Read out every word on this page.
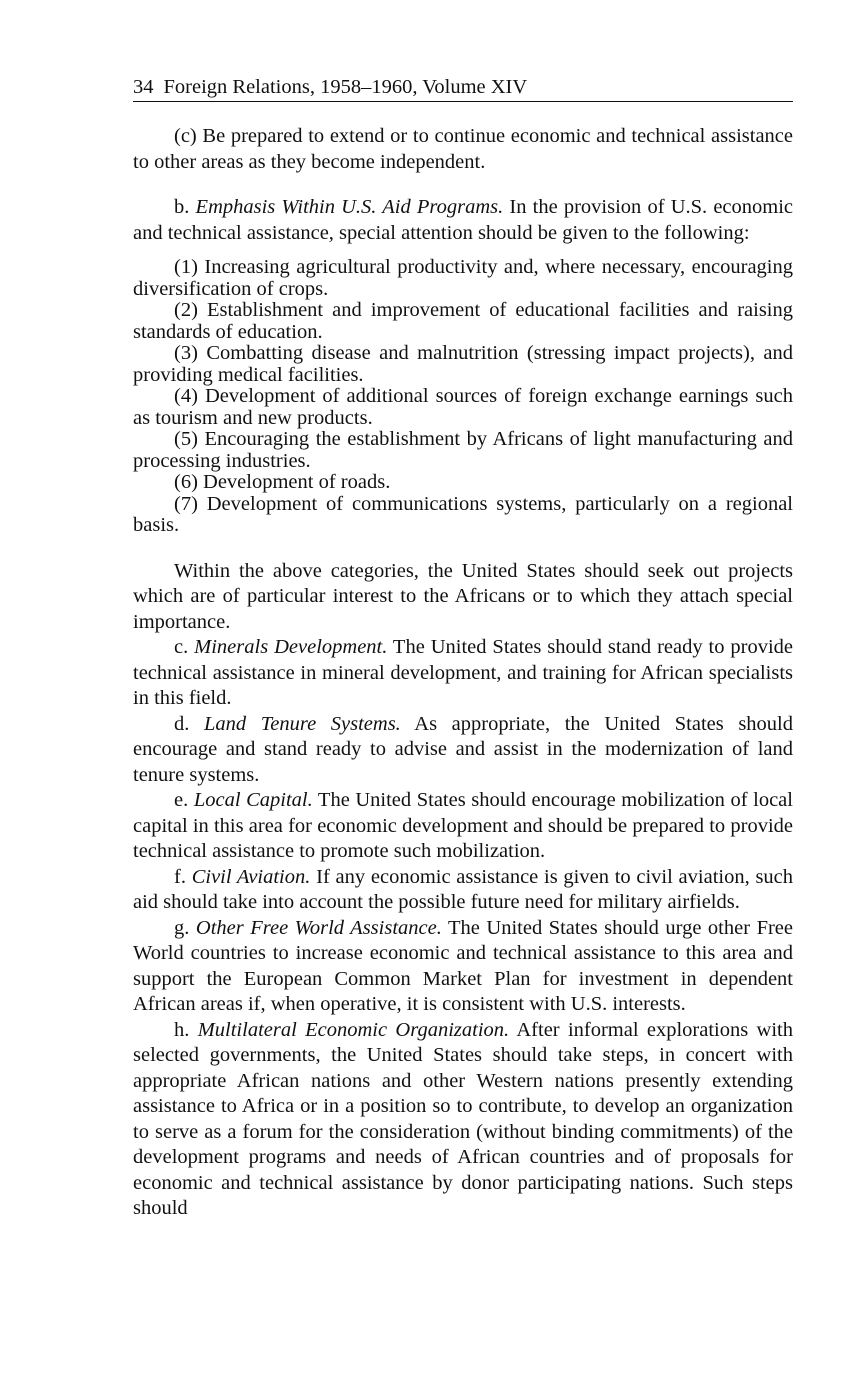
34 Foreign Relations, 1958–1960, Volume XIV

(c) Be prepared to extend or to continue economic and technical assistance to other areas as they become independent.

b. Emphasis Within U.S. Aid Programs. In the provision of U.S. economic and technical assistance, special attention should be given to the following:

(1) Increasing agricultural productivity and, where necessary, encouraging diversification of crops.

(2) Establishment and improvement of educational facilities and raising standards of education.

(3) Combatting disease and malnutrition (stressing impact projects), and providing medical facilities.

(4) Development of additional sources of foreign exchange earnings such as tourism and new products.

(5) Encouraging the establishment by Africans of light manufacturing and processing industries.

(6) Development of roads.

(7) Development of communications systems, particularly on a regional basis.

Within the above categories, the United States should seek out projects which are of particular interest to the Africans or to which they attach special importance.

c. Minerals Development. The United States should stand ready to provide technical assistance in mineral development, and training for African specialists in this field.

d. Land Tenure Systems. As appropriate, the United States should encourage and stand ready to advise and assist in the modernization of land tenure systems.

e. Local Capital. The United States should encourage mobilization of local capital in this area for economic development and should be prepared to provide technical assistance to promote such mobilization.

f. Civil Aviation. If any economic assistance is given to civil aviation, such aid should take into account the possible future need for military airfields.

g. Other Free World Assistance. The United States should urge other Free World countries to increase economic and technical assistance to this area and support the European Common Market Plan for investment in dependent African areas if, when operative, it is consistent with U.S. interests.

h. Multilateral Economic Organization. After informal explorations with selected governments, the United States should take steps, in concert with appropriate African nations and other Western nations presently extending assistance to Africa or in a position so to contribute, to develop an organization to serve as a forum for the consideration (without binding commitments) of the development programs and needs of African countries and of proposals for economic and technical assistance by donor participating nations. Such steps should
